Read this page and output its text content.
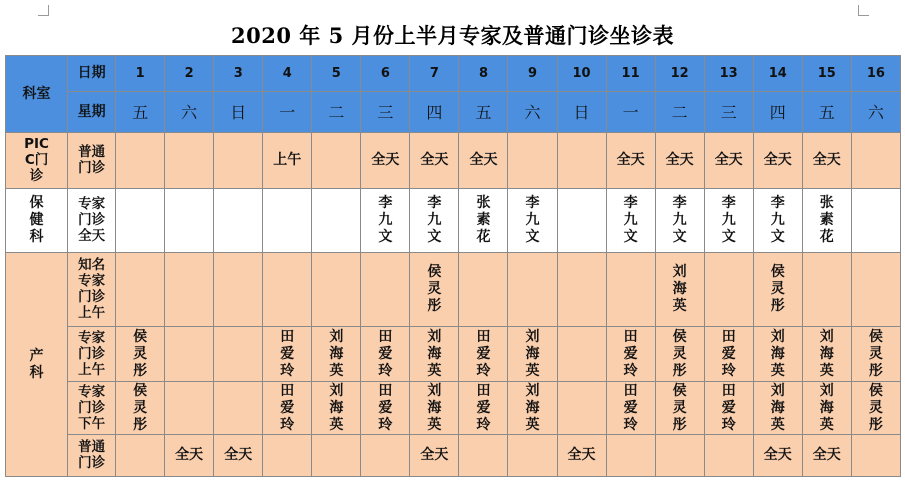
2020 年 5 月份上半月专家及普通门诊坐诊表
科室	日期	1	2	3	4	5	6	7	8	9	10	11	12	13	14	15	16
	星期	五	六	日	一	二	三	四	五	六	日	一	二	三	四	五	六
PICC门诊	普通门诊				上午		全天	全天	全天			全天	全天	全天	全天	全天	
保健科	专家门诊全天						李九文	李九文	张素花	李九文		李九文	李九文	李九文	李九文	张素花	
产科	知名专家门诊上午							侯灵彤					刘海英		侯灵彤		
	专家门诊上午	侯灵彤			田爱玲	刘海英	田爱玲	刘海英	田爱玲	刘海英		田爱玲	侯灵彤	田爱玲	刘海英	刘海英	侯灵彤
	专家门诊下午	侯灵彤			田爱玲	刘海英	田爱玲	刘海英	田爱玲	刘海英		田爱玲	侯灵彤	田爱玲	刘海英	刘海英	侯灵彤
	普通门诊		全天	全天				全天			全天				全天	全天	
